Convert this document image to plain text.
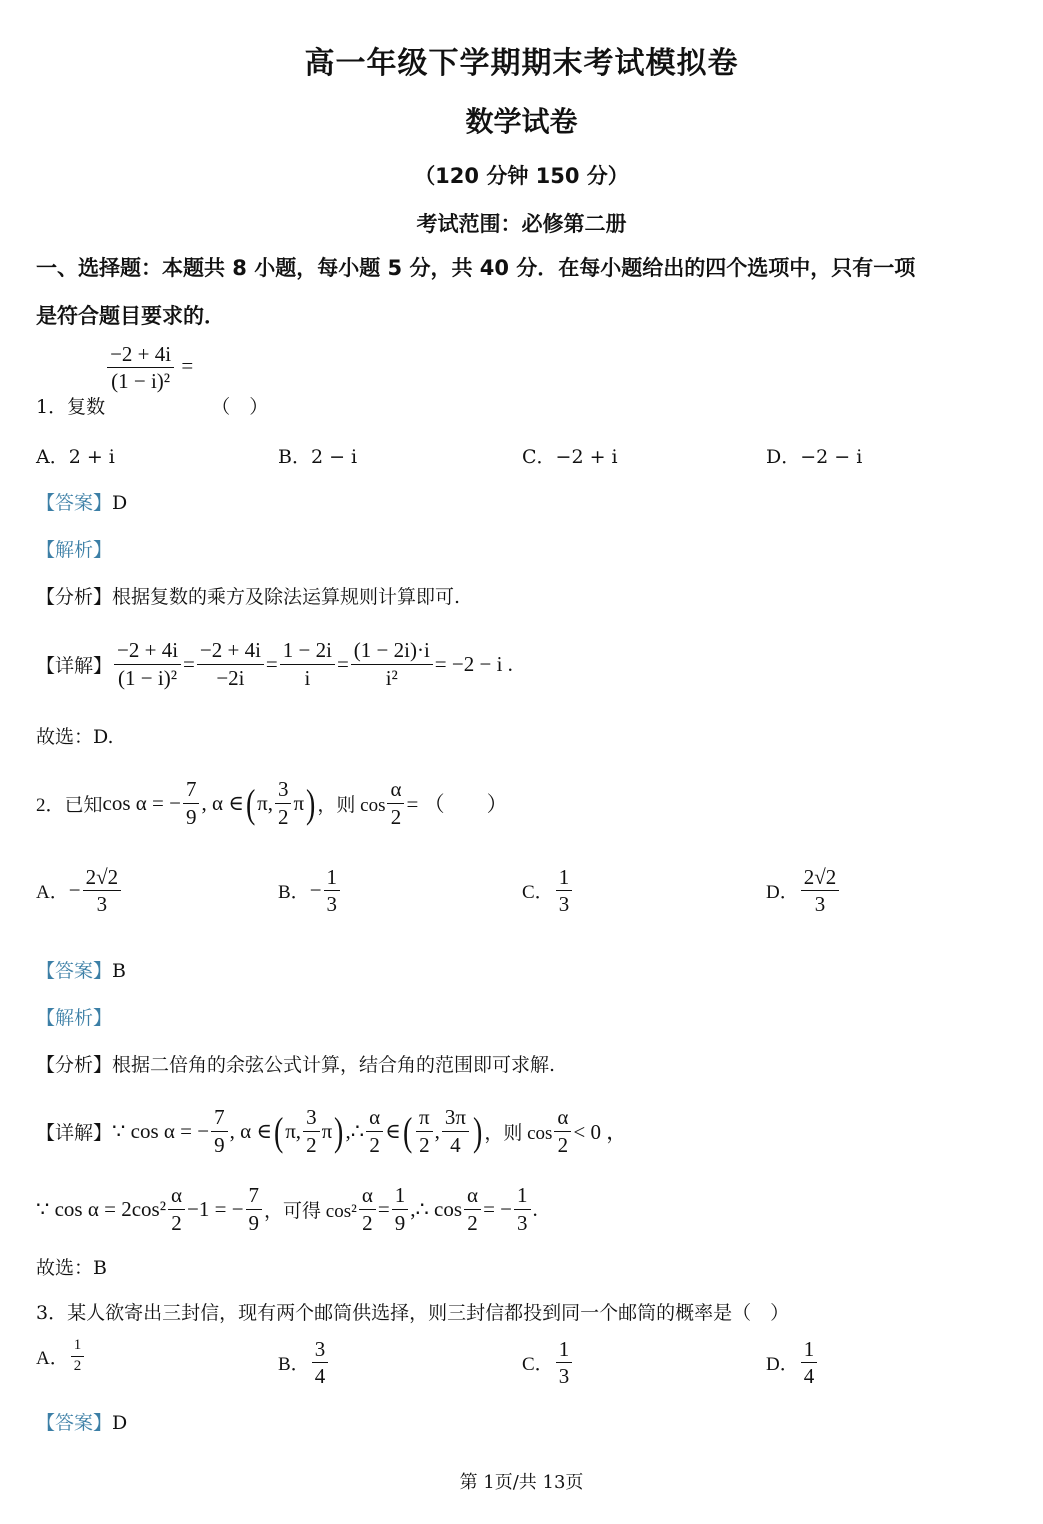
高一年级下学期期末考试模拟卷
数学试卷
（120 分钟 150 分）
考试范围：必修第二册
一、选择题：本题共 8 小题，每小题 5 分，共 40 分．在每小题给出的四个选项中，只有一项
是符合题目要求的．
1．复数
$\frac{-2 + 4i}{\text{(1 − i)²}}$ =
（　）
A．2 + i	B．2 − i	C．−2 + i	D．−2 − i
【答案】D
【解析】
【分析】根据复数的乘方及除法运算规则计算即可.
【详解】 $\frac{-2 + 4i}{\text{(1 − i)²}} = \frac{-2 + 4i}{-2i} = \frac{1 - 2i}{i} = \frac{(1 - 2i)\cdot i}{\text{i²}} = -2 - i$ .
故选：D.
2．已知 cos α = − $\frac{7}{9}$ , α ∈ ( π, $\frac{3}{2}$ π ) ，则 $\cos \frac{\alpha}{2}$ = （　　）
A． − $\frac{2√2}{3}$	B． − $\frac{1}{3}$	C． $\frac{1}{3}$	D． $\frac{2√2}{3}$
【答案】B
【解析】
【分析】根据二倍角的余弦公式计算，结合角的范围即可求解.
【详解】 ∵ cos α = − $\frac{7}{9}$ , α ∈ ( π, $\frac{3}{2}$ π ) ,∴ $\frac{\alpha}{2}$ ∈ ( $\frac{\pi}{2}$ , $\frac{3\pi}{4}$ ) ，则 $\cos \frac{\alpha}{2} < 0$ ，
∵ $\cos \alpha = 2\cos^2 \frac{\alpha}{2} -1$ = − $\frac{7}{9}$ ，可得 $\cos^2 \frac{\alpha}{2} = \frac{1}{9}$ ,∴ $\cos \frac{\alpha}{2}$ = − $\frac{1}{3}$ .
故选：B
3．某人欲寄出三封信，现有两个邮筒供选择，则三封信都投到同一个邮筒的概率是（　）
A． $\frac{1}{2}$	B． $\frac{3}{4}$	C． $\frac{1}{3}$	D． $\frac{1}{4}$
【答案】D
第 1页/共 13页
